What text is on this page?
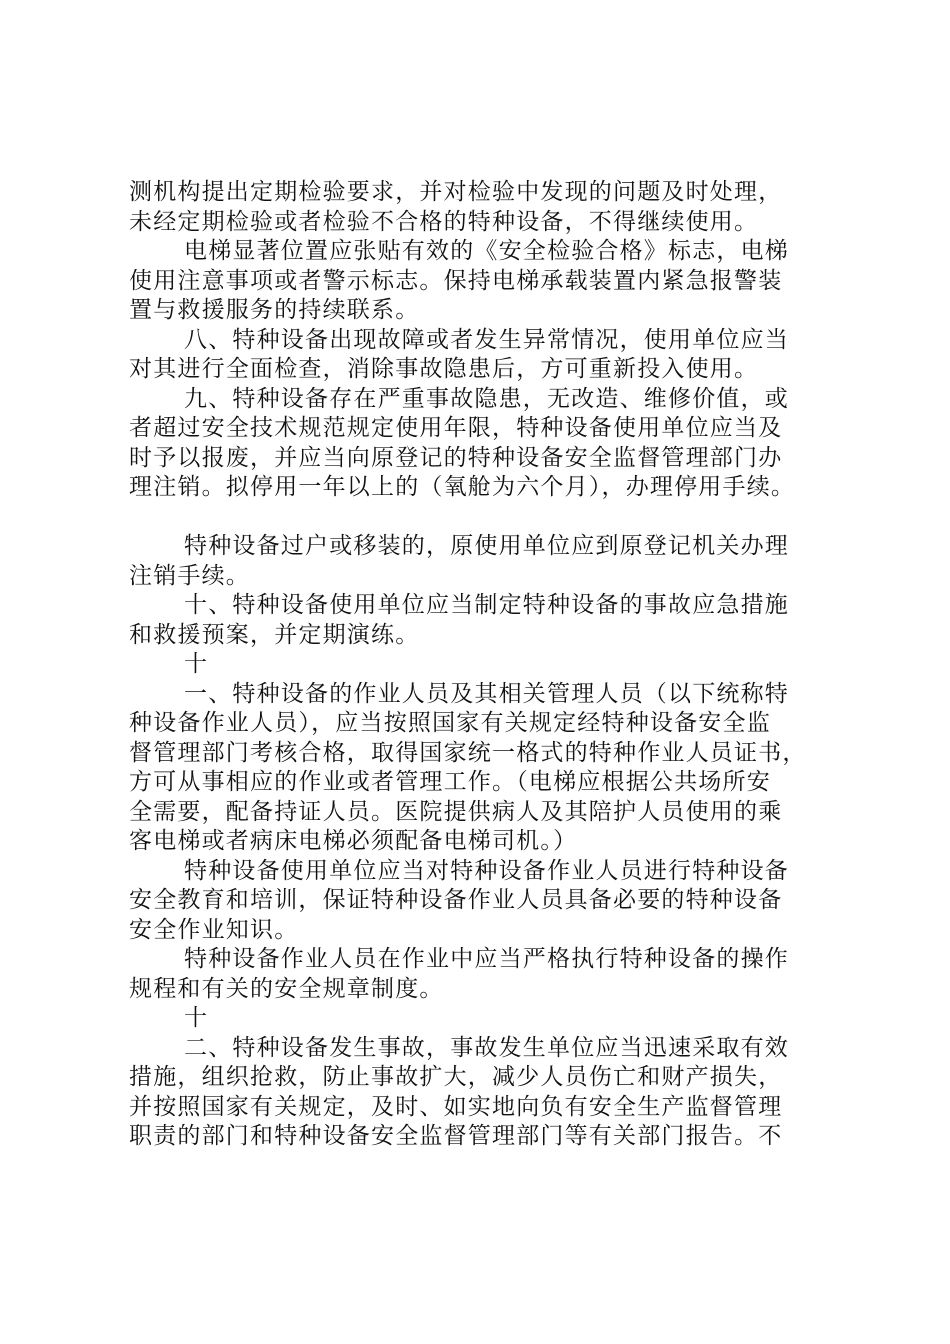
测机构提出定期检验要求，并对检验中发现的问题及时处理，
未经定期检验或者检验不合格的特种设备，不得继续使用。
电梯显著位置应张贴有效的《安全检验合格》标志，电梯
使用注意事项或者警示标志。保持电梯承载装置内紧急报警装
置与救援服务的持续联系。
八、特种设备出现故障或者发生异常情况，使用单位应当
对其进行全面检查，消除事故隐患后，方可重新投入使用。
九、特种设备存在严重事故隐患，无改造、维修价值，或
者超过安全技术规范规定使用年限，特种设备使用单位应当及
时予以报废，并应当向原登记的特种设备安全监督管理部门办
理注销。拟停用一年以上的（氧舱为六个月），办理停用手续。
特种设备过户或移装的，原使用单位应到原登记机关办理
注销手续。
十、特种设备使用单位应当制定特种设备的事故应急措施
和救援预案，并定期演练。
十
一、特种设备的作业人员及其相关管理人员（以下统称特
种设备作业人员），应当按照国家有关规定经特种设备安全监
督管理部门考核合格，取得国家统一格式的特种作业人员证书，
方可从事相应的作业或者管理工作。（电梯应根据公共场所安
全需要，配备持证人员。医院提供病人及其陪护人员使用的乘
客电梯或者病床电梯必须配备电梯司机。）
特种设备使用单位应当对特种设备作业人员进行特种设备
安全教育和培训，保证特种设备作业人员具备必要的特种设备
安全作业知识。
特种设备作业人员在作业中应当严格执行特种设备的操作
规程和有关的安全规章制度。
十
二、特种设备发生事故，事故发生单位应当迅速采取有效
措施，组织抢救，防止事故扩大，减少人员伤亡和财产损失，
并按照国家有关规定，及时、如实地向负有安全生产监督管理
职责的部门和特种设备安全监督管理部门等有关部门报告。不
